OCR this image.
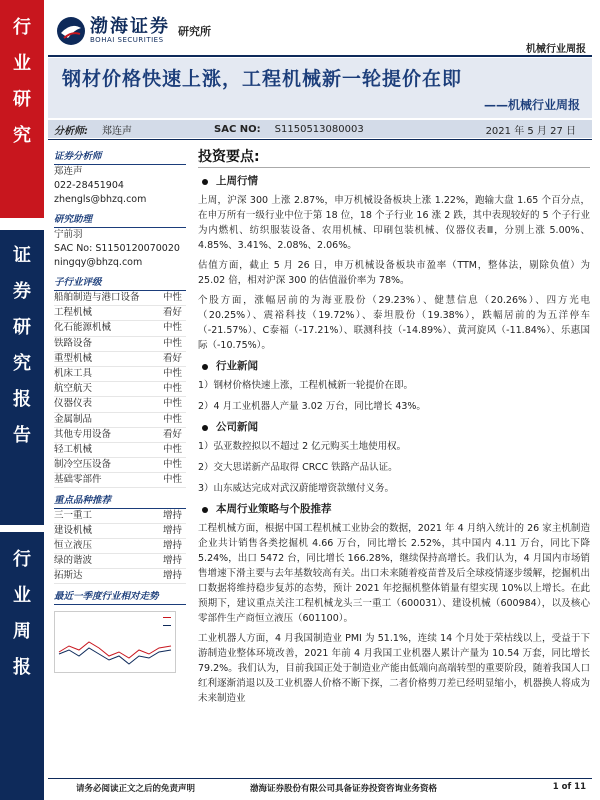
行
业
研
究
证
券
研
究
报
告
行
业
周
报
渤海证券
BOHAI SECURITIES
研究所
机械行业周报
钢材价格快速上涨，工程机械新一轮提价在即
——机械行业周报
分析师: 郑连声	SAC NO: S1150513080003	2021 年 5 月 27 日
证券分析师
郑连声
022-28451904
zhengls@bhzq.com
研究助理
宁前羽
SAC No: S1150120070020
ningqy@bhzq.com
子行业评级
船舶制造与港口设备	中性
工程机械	看好
化石能源机械	中性
铁路设备	中性
重型机械	看好
机床工具	中性
航空航天	中性
仪器仪表	中性
金属制品	中性
其他专用设备	看好
轻工机械	中性
制冷空压设备	中性
基础零部件	中性
重点品种推荐
三一重工	增持
建设机械	增持
恒立液压	增持
绿的谐波	增持
拓斯达	增持
最近一季度行业相对走势
投资要点:
上周行情

上周，沪深 300 上涨 2.87%，申万机械设备板块上涨 1.22%，跑输大盘 1.65 个百分点，在申万所有一级行业中位于第 18 位，18 个子行业 16 涨 2 跌，其中表现较好的 5 个子行业为内燃机、纺织服装设备、农用机械、印刷包装机械、仪器仪表Ⅲ，分别上涨 5.00%、4.85%、3.41%、2.08%、2.06%。

估值方面，截止 5 月 26 日，申万机械设备板块市盈率（TTM，整体法，剔除负值）为 25.02 倍，相对沪深 300 的估值溢价率为 78%。

个股方面，涨幅居前的为海亚股份（29.23%）、健慧信息（20.26%）、四方光电（20.25%）、震裕科技（19.72%）、泰坦股份（19.38%），跌幅居前的为五洋停车（-21.57%）、C泰福（-17.21%）、联测科技（-14.89%）、黄河旋风（-11.84%）、乐惠国际（-10.75%）。

行业新闻
1）钢材价格快速上涨，工程机械新一轮提价在即。
2）4 月工业机器人产量 3.02 万台，同比增长 43%。
公司新闻
1）弘亚数控拟以不超过 2 亿元购买土地使用权。
2）交大思诺新产品取得 CRCC 铁路产品认证。
3）山东威达完成对武汉蔚能增资款缴付义务。
本周行业策略与个股推荐

工程机械方面，根据中国工程机械工业协会的数据，2021 年 4 月纳入统计的 26 家主机制造企业共计销售各类挖掘机 4.66 万台，同比增长 2.52%，其中国内 4.11 万台，同比下降 5.24%，出口 5472 台，同比增长 166.28%，继续保持高增长。我们认为，4 月国内市场销售增速下滑主要与去年基数较高有关。出口未来随着疫苗普及后全球疫情逐步缓解，挖掘机出口数据将维持稳步复苏的态势，预计 2021 年挖掘机整体销量有望实现 10%以上增长。在此预期下，建议重点关注工程机械龙头三一重工（600031）、建设机械（600984），以及核心零部件生产商恒立液压（601100）。

工业机器人方面，4 月我国制造业 PMI 为 51.1%，连续 14 个月处于荣枯线以上，受益于下游制造业整体环境改善，2021 年前 4 月我国工业机器人累计产量为 10.54 万套，同比增长 79.2%。我们认为，目前我国正处于制造业产能由低端向高端转型的重要阶段，随着我国人口红利逐渐消退以及工业机器人价格不断下探，二者价格剪刀差已经明显缩小，机器换人将成为未来制造业

请务必阅读正文之后的免责声明	渤海证券股份有限公司具备证券投资咨询业务资格	1 of 11
